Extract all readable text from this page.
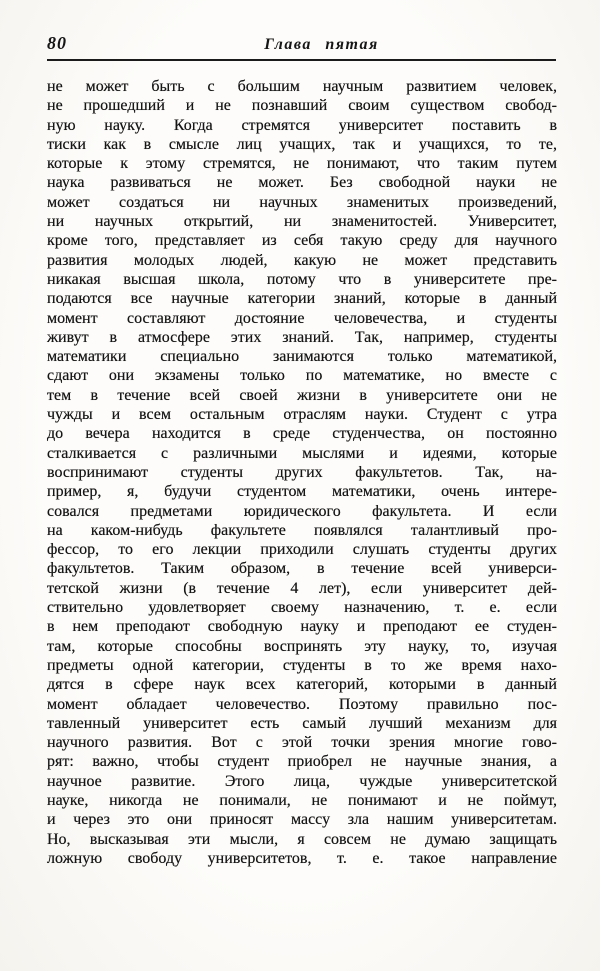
80	Глава пятая
не может быть с большим научным развитием человек,
не прошедший и не познавший своим существом свобод-
ную науку. Когда стремятся университет поставить в
тиски как в смысле лиц учащих, так и учащихся, то те,
которые к этому стремятся, не понимают, что таким путем
наука развиваться не может. Без свободной науки не
может создаться ни научных знаменитых произведений,
ни научных открытий, ни знаменитостей. Университет,
кроме того, представляет из себя такую среду для научного
развития молодых людей, какую не может представить
никакая высшая школа, потому что в университете пре-
подаются все научные категории знаний, которые в данный
момент составляют достояние человечества, и студенты
живут в атмосфере этих знаний. Так, например, студенты
математики специально занимаются только математикой,
сдают они экзамены только по математике, но вместе с
тем в течение всей своей жизни в университете они не
чужды и всем остальным отраслям науки. Студент с утра
до вечера находится в среде студенчества, он постоянно
сталкивается с различными мыслями и идеями, которые
воспринимают студенты других факультетов. Так, на-
пример, я, будучи студентом математики, очень интере-
совался предметами юридического факультета. И если
на каком-нибудь факультете появлялся талантливый про-
фессор, то его лекции приходили слушать студенты других
факультетов. Таким образом, в течение всей универси-
тетской жизни (в течение 4 лет), если университет дей-
ствительно удовлетворяет своему назначению, т. е. если
в нем преподают свободную науку и преподают ее студен-
там, которые способны воспринять эту науку, то, изучая
предметы одной категории, студенты в то же время нахо-
дятся в сфере наук всех категорий, которыми в данный
момент обладает человечество. Поэтому правильно пос-
тавленный университет есть самый лучший механизм для
научного развития. Вот с этой точки зрения многие гово-
рят: важно, чтобы студент приобрел не научные знания, а
научное развитие. Этого лица, чуждые университетской
науке, никогда не понимали, не понимают и не поймут,
и через это они приносят массу зла нашим университетам.
Но, высказывая эти мысли, я совсем не думаю защищать
ложную свободу университетов, т. е. такое направление
